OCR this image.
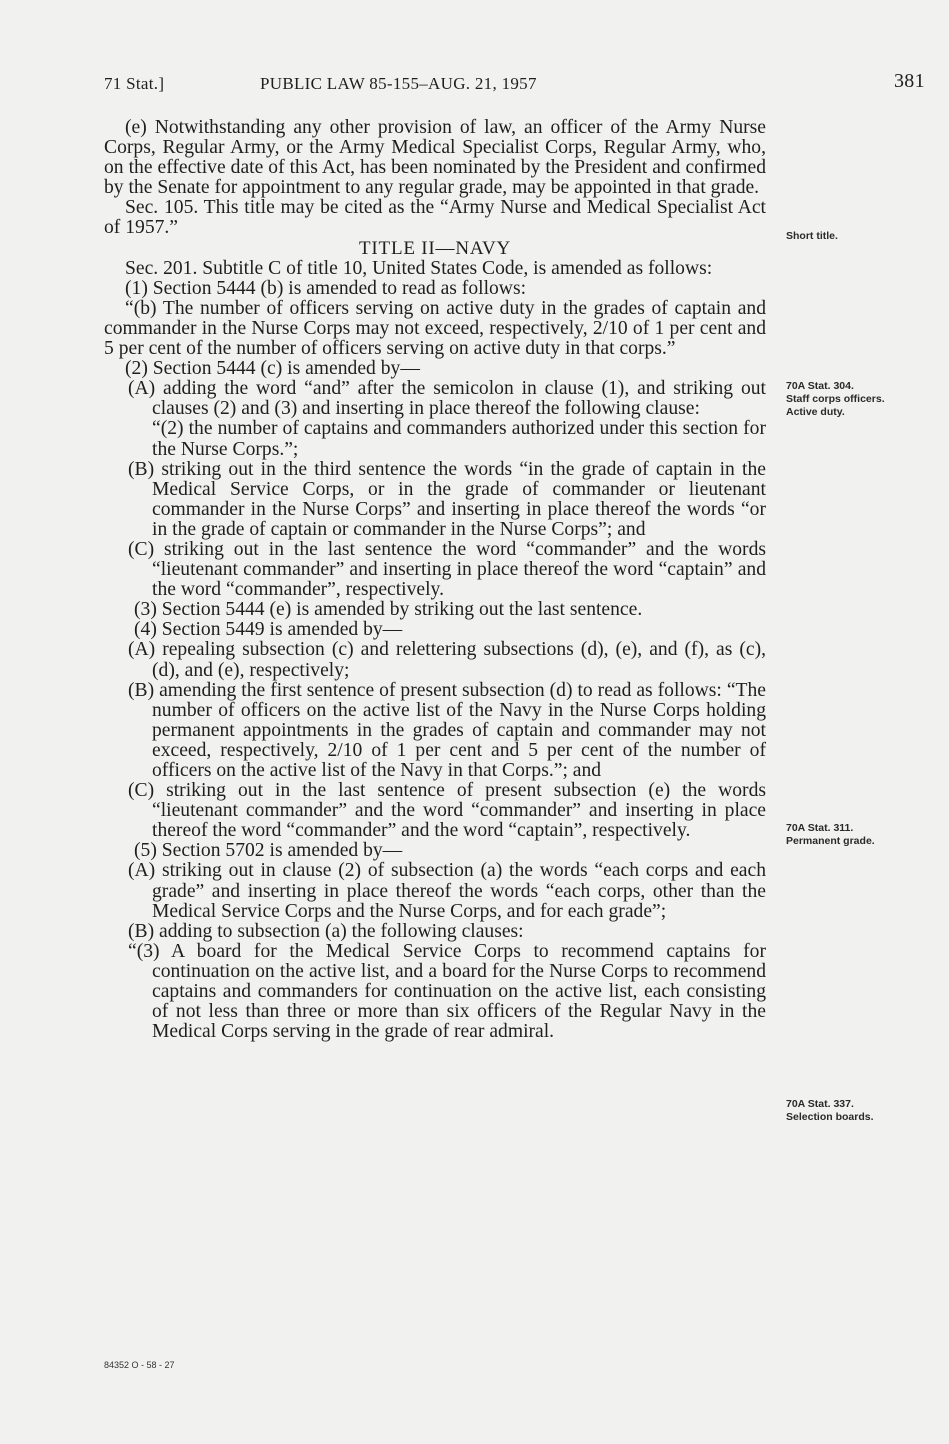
71 Stat.]	PUBLIC LAW 85-155–AUG. 21, 1957	381

(e) Notwithstanding any other provision of law, an officer of the Army Nurse Corps, Regular Army, or the Army Medical Specialist Corps, Regular Army, who, on the effective date of this Act, has been nominated by the President and confirmed by the Senate for appointment to any regular grade, may be appointed in that grade.

Sec. 105. This title may be cited as the “Army Nurse and Medical Specialist Act of 1957.”

TITLE II—NAVY

Sec. 201. Subtitle C of title 10, United States Code, is amended as follows:

(1) Section 5444 (b) is amended to read as follows:

“(b) The number of officers serving on active duty in the grades of captain and commander in the Nurse Corps may not exceed, respectively, 2/10 of 1 per cent and 5 per cent of the number of officers serving on active duty in that corps.”

(2) Section 5444 (c) is amended by—

(A) adding the word “and” after the semicolon in clause (1), and striking out clauses (2) and (3) and inserting in place thereof the following clause:

“(2) the number of captains and commanders authorized under this section for the Nurse Corps.”;

(B) striking out in the third sentence the words “in the grade of captain in the Medical Service Corps, or in the grade of commander or lieutenant commander in the Nurse Corps” and inserting in place thereof the words “or in the grade of captain or commander in the Nurse Corps”; and

(C) striking out in the last sentence the word “commander” and the words “lieutenant commander” and inserting in place thereof the word “captain” and the word “commander”, respectively.

(3) Section 5444 (e) is amended by striking out the last sentence.

(4) Section 5449 is amended by—

(A) repealing subsection (c) and relettering subsections (d), (e), and (f), as (c), (d), and (e), respectively;

(B) amending the first sentence of present subsection (d) to read as follows: “The number of officers on the active list of the Navy in the Nurse Corps holding permanent appointments in the grades of captain and commander may not exceed, respectively, 2/10 of 1 per cent and 5 per cent of the number of officers on the active list of the Navy in that Corps.”; and

(C) striking out in the last sentence of present subsection (e) the words “lieutenant commander” and the word “commander” and inserting in place thereof the word “commander” and the word “captain”, respectively.

(5) Section 5702 is amended by—

(A) striking out in clause (2) of subsection (a) the words “each corps and each grade” and inserting in place thereof the words “each corps, other than the Medical Service Corps and the Nurse Corps, and for each grade”;

(B) adding to subsection (a) the following clauses:

“(3) A board for the Medical Service Corps to recommend captains for continuation on the active list, and a board for the Nurse Corps to recommend captains and commanders for continuation on the active list, each consisting of not less than three or more than six officers of the Regular Navy in the Medical Corps serving in the grade of rear admiral.

Short title.
70A Stat. 304.
Staff corps officers.
Active duty.
70A Stat. 311.
Permanent grade.
70A Stat. 337.
Selection boards.
84352 O - 58 - 27
